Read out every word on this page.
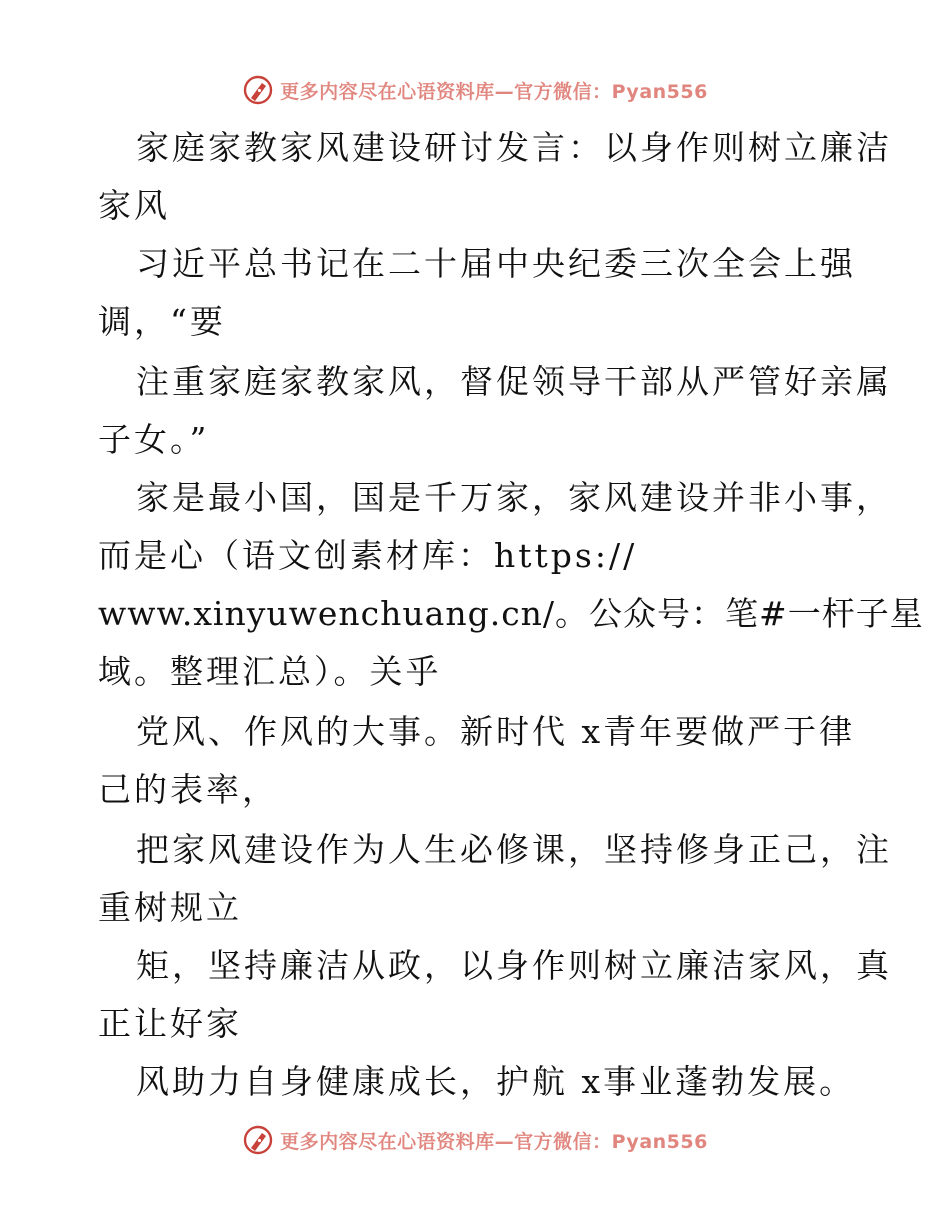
更多内容尽在心语资料库—官方微信：Pyan556
家庭家教家风建设研讨发言：以身作则树立廉洁
家风
习近平总书记在二十届中央纪委三次全会上强
调，“要
注重家庭家教家风，督促领导干部从严管好亲属
子女。”
家是最小国，国是千万家，家风建设并非小事，
而是心（语文创素材库：https://
www.xinyuwenchuang.cn/。公众号：笔#一杆子星
域。整理汇总）。关乎
党风、作风的大事。新时代 x青年要做严于律
己的表率，
把家风建设作为人生必修课，坚持修身正己，注
重树规立
矩，坚持廉洁从政，以身作则树立廉洁家风，真
正让好家
风助力自身健康成长，护航 x事业蓬勃发展。
更多内容尽在心语资料库—官方微信：Pyan556
